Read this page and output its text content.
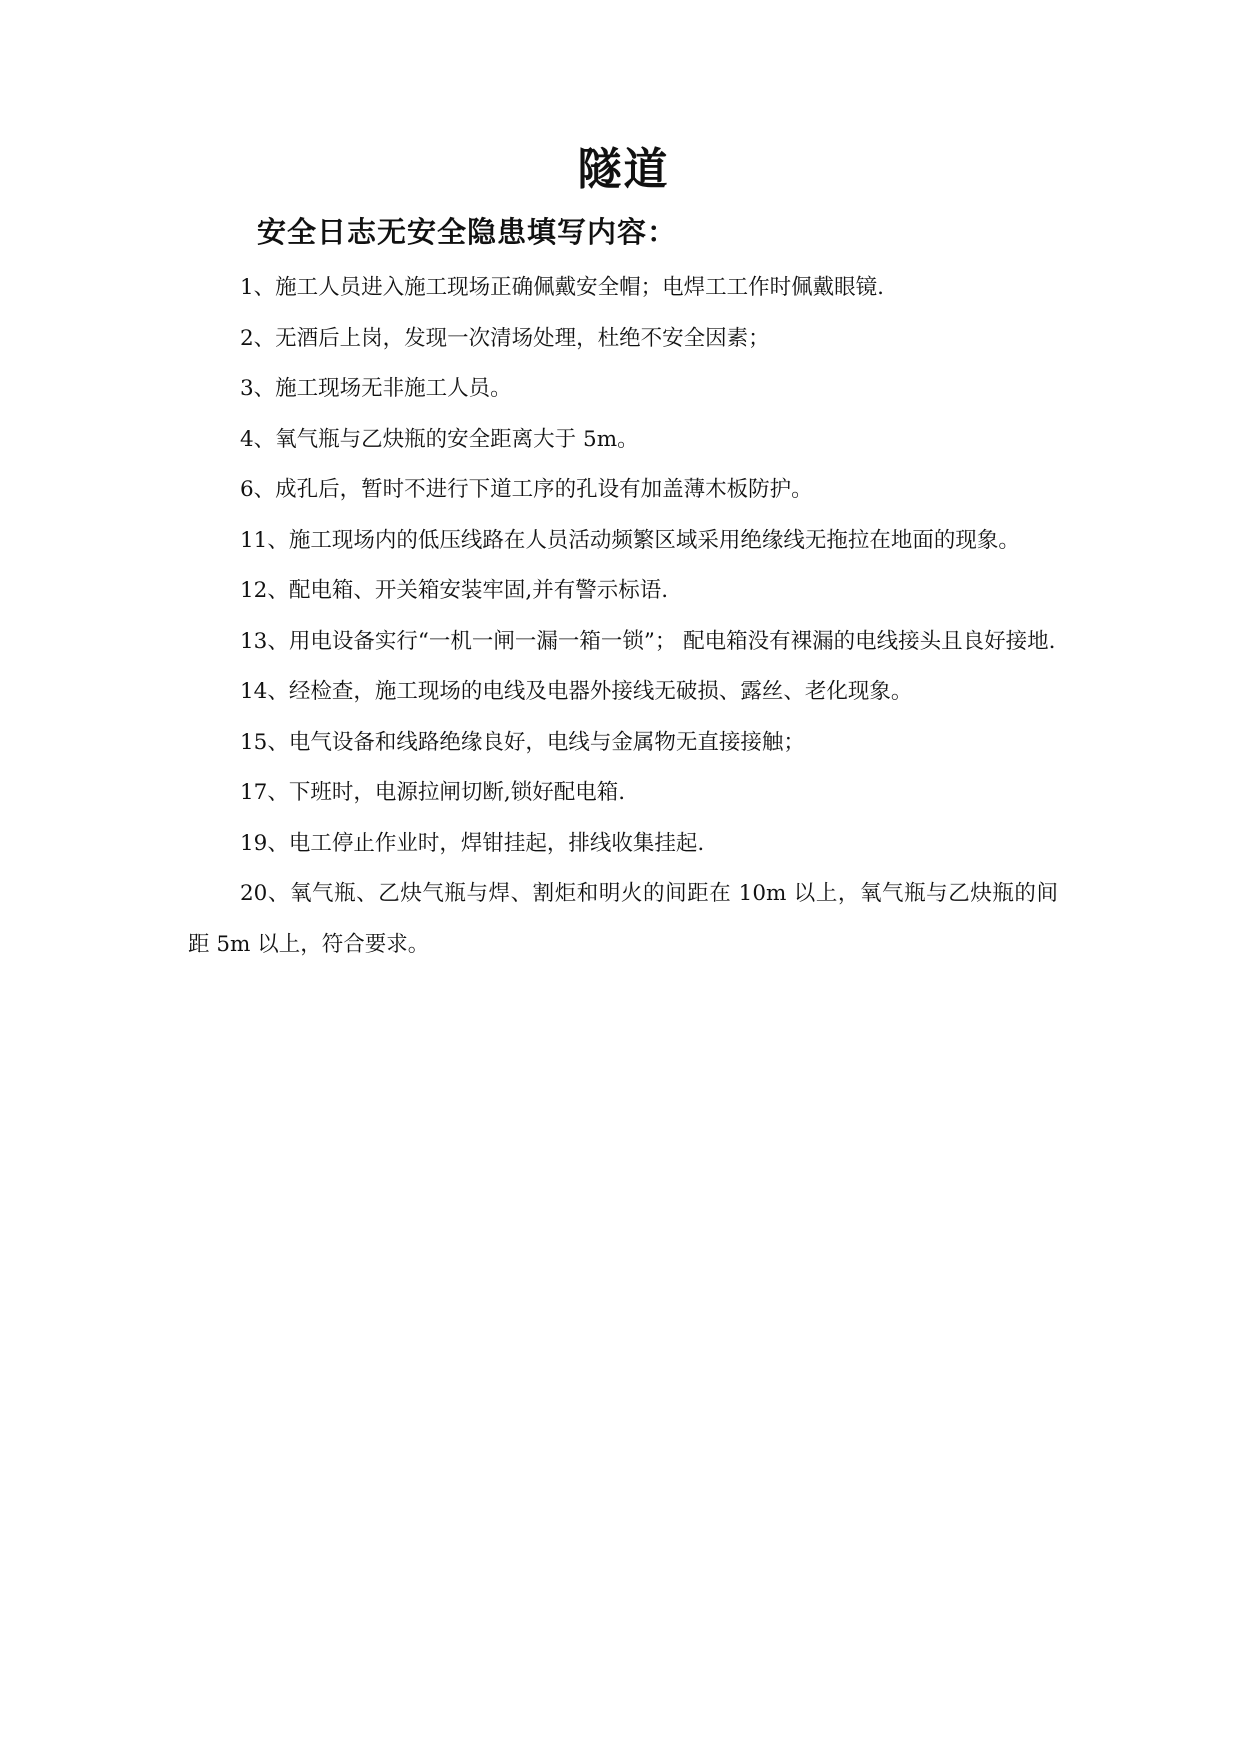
隧道
安全日志无安全隐患填写内容：

1、施工人员进入施工现场正确佩戴安全帽；电焊工工作时佩戴眼镜.

2、无酒后上岗，发现一次清场处理，杜绝不安全因素；

3、施工现场无非施工人员。

4、氧气瓶与乙炔瓶的安全距离大于 5m。

6、成孔后，暂时不进行下道工序的孔设有加盖薄木板防护。

11、施工现场内的低压线路在人员活动频繁区域采用绝缘线无拖拉在地面的现象。

12、配电箱、开关箱安装牢固,并有警示标语.

13、用电设备实行“一机一闸一漏一箱一锁”； 配电箱没有裸漏的电线接头且良好接地.

14、经检查，施工现场的电线及电器外接线无破损、露丝、老化现象。

15、电气设备和线路绝缘良好，电线与金属物无直接接触；

17、下班时，电源拉闸切断,锁好配电箱.

19、电工停止作业时，焊钳挂起，排线收集挂起.

20、氧气瓶、乙炔气瓶与焊、割炬和明火的间距在 10m 以上，氧气瓶与乙炔瓶的间距 5m 以上，符合要求。
